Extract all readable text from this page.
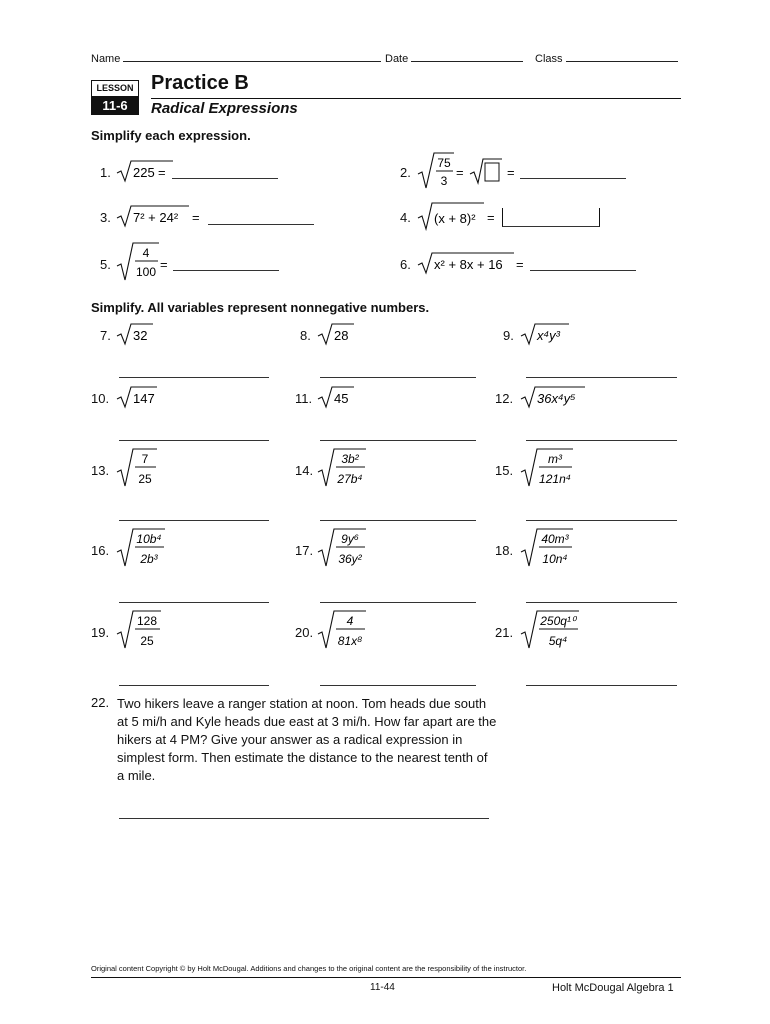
Name	Date	Class
LESSON
11-6
Practice B
Radical Expressions
Simplify each expression.
1. 225 =	2.
75
3
=	=
3. 7² + 24² =	4. (x + 8)² =
5.
4
100 =	6. x² + 8x + 16 =
Simplify. All variables represent nonnegative numbers.
7. 32	8. 28	9. x⁴y³
10. 147	11. 45	12. 36x⁴y⁵
13.
7
25
14.
3b²
27b⁴
15.
m³
121n⁴
16.
10b⁴
2b³
17.
9y⁶
36y²
18.
40m³
10n⁴
19.
128
25
20.
4
81x⁸
21.
250q¹⁰
5q⁴
22. Two hikers leave a ranger station at noon. Tom heads due south at 5 mi/h and Kyle heads due east at 3 mi/h. How far apart are the hikers at 4 PM? Give your answer as a radical expression in simplest form. Then estimate the distance to the nearest tenth of a mile.
Original content Copyright © by Holt McDougal. Additions and changes to the original content are the responsibility of the instructor.
11-44	Holt McDougal Algebra 1
